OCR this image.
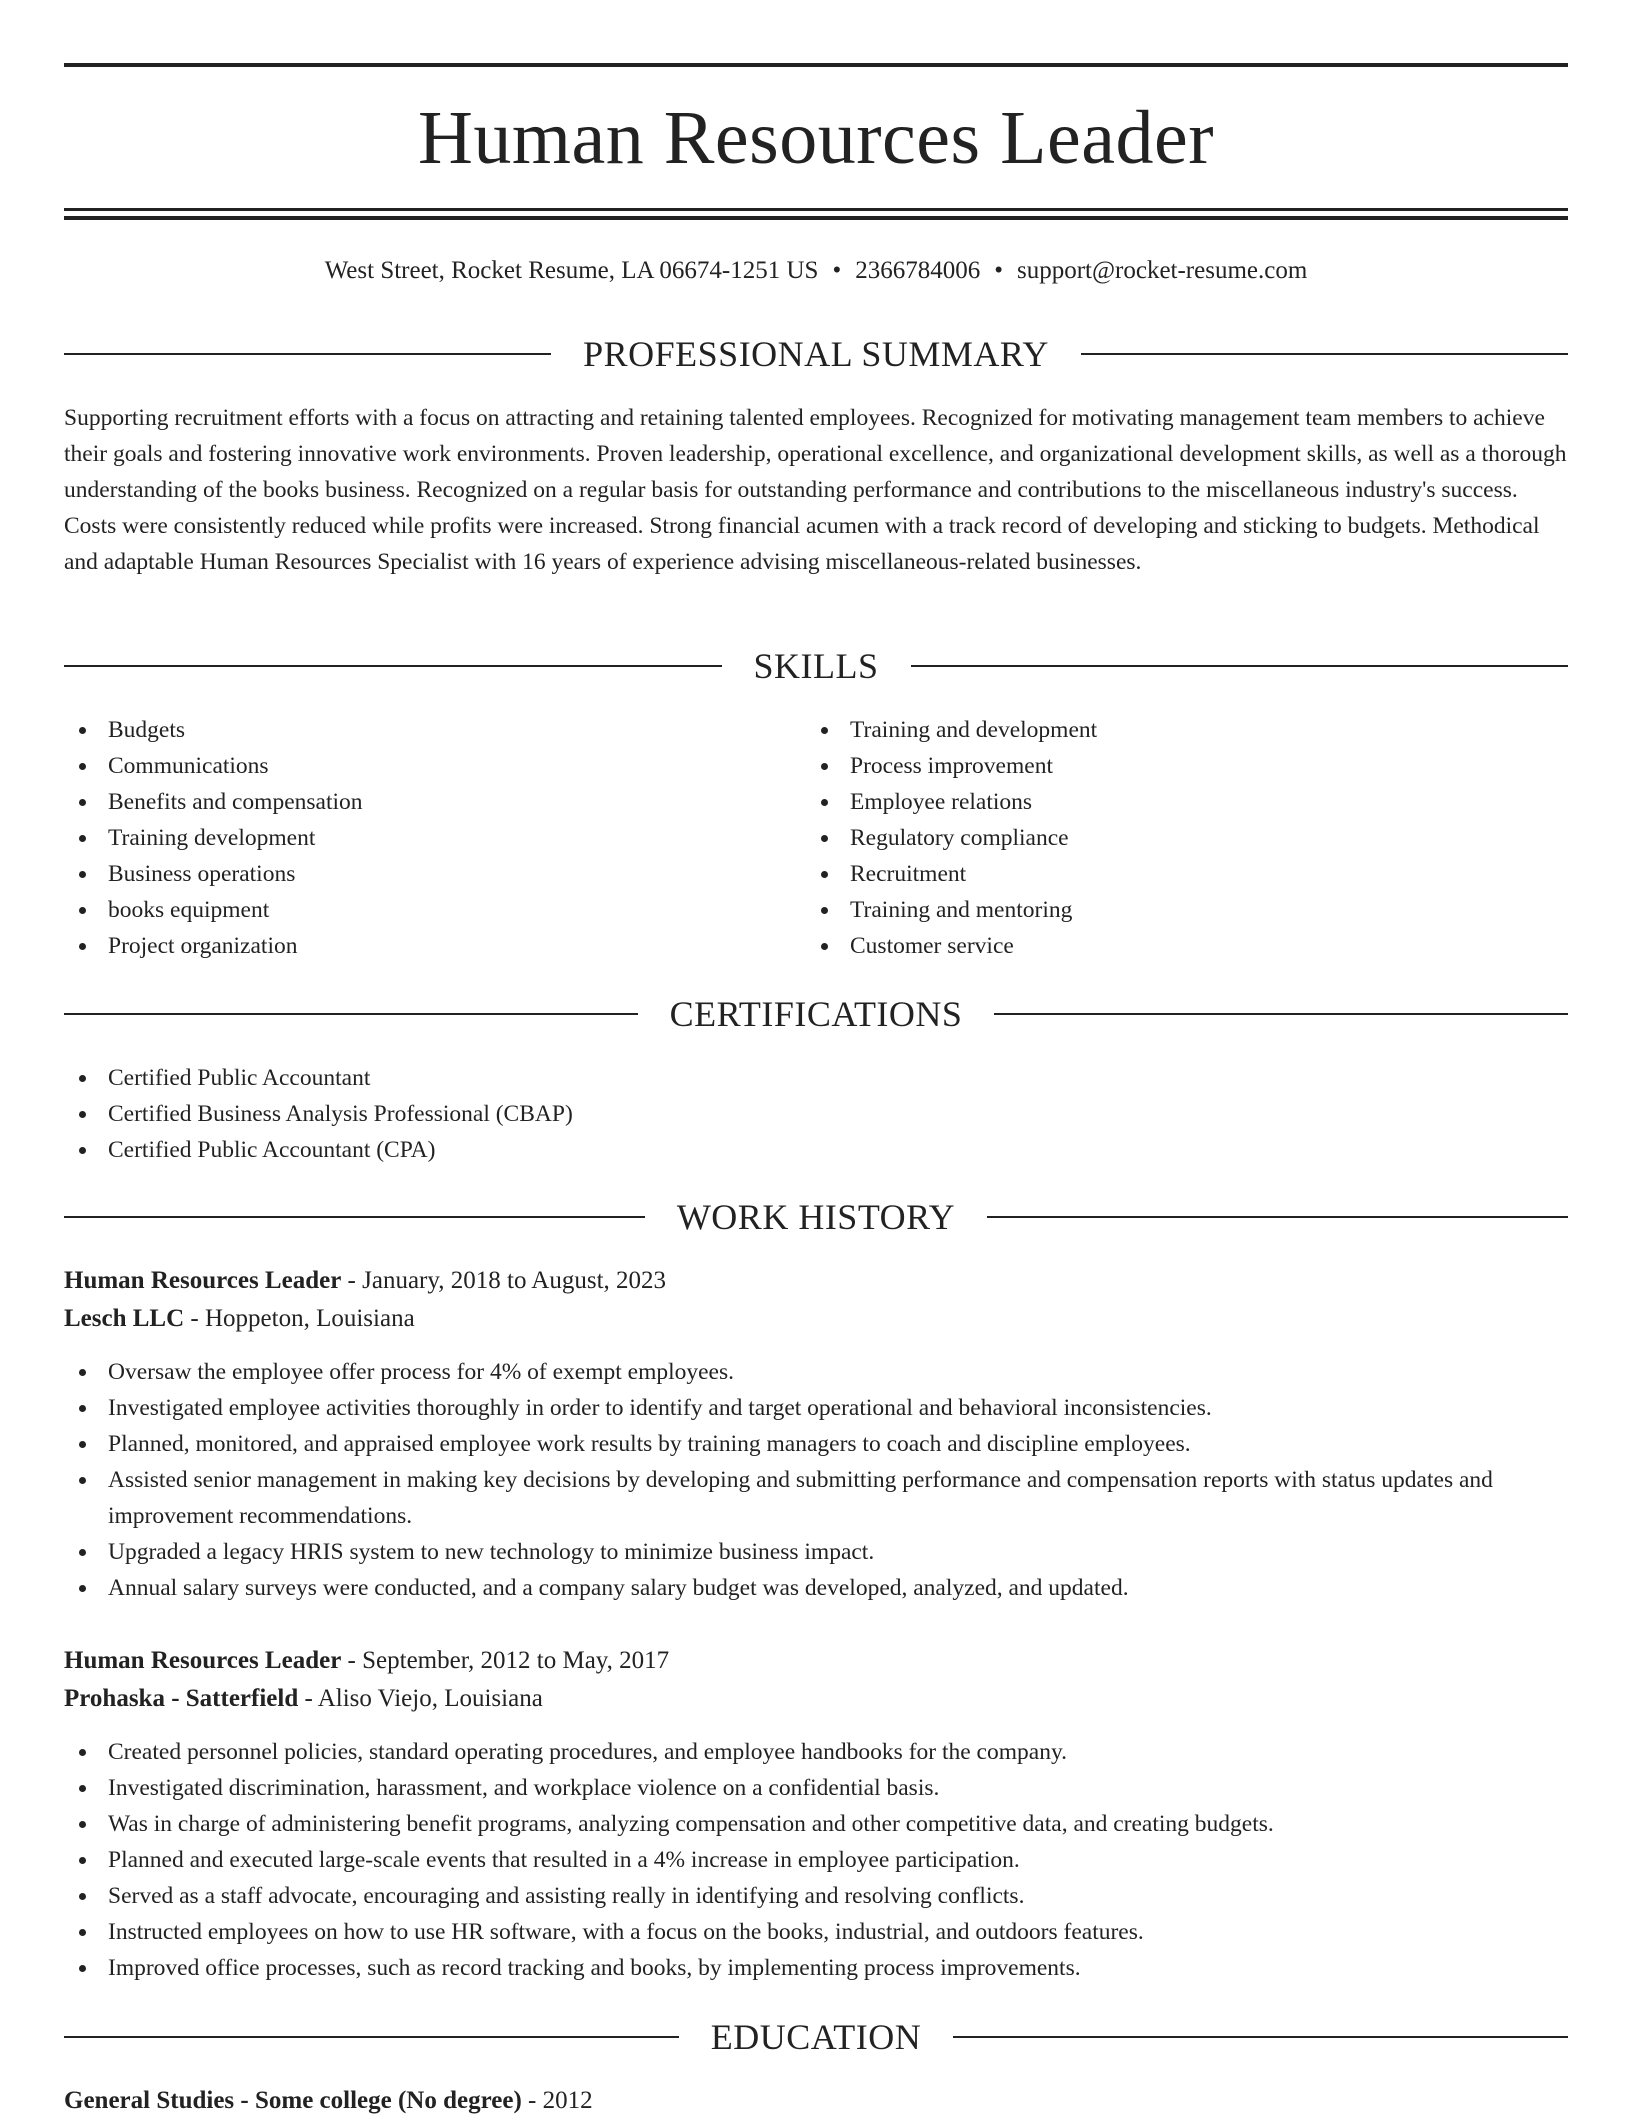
Human Resources Leader
West Street, Rocket Resume, LA 06674-1251 US • 2366784006 • support@rocket-resume.com
PROFESSIONAL SUMMARY

Supporting recruitment efforts with a focus on attracting and retaining talented employees. Recognized for motivating management team members to achieve their goals and fostering innovative work environments. Proven leadership, operational excellence, and organizational development skills, as well as a thorough understanding of the books business. Recognized on a regular basis for outstanding performance and contributions to the miscellaneous industry's success. Costs were consistently reduced while profits were increased. Strong financial acumen with a track record of developing and sticking to budgets. Methodical and adaptable Human Resources Specialist with 16 years of experience advising miscellaneous-related businesses.

SKILLS
Budgets
Communications
Benefits and compensation
Training development
Business operations
books equipment
Project organization
Training and development
Process improvement
Employee relations
Regulatory compliance
Recruitment
Training and mentoring
Customer service
CERTIFICATIONS
Certified Public Accountant
Certified Business Analysis Professional (CBAP)
Certified Public Accountant (CPA)
WORK HISTORY
Human Resources Leader - January, 2018 to August, 2023
Lesch LLC - Hoppeton, Louisiana
Oversaw the employee offer process for 4% of exempt employees.
Investigated employee activities thoroughly in order to identify and target operational and behavioral inconsistencies.
Planned, monitored, and appraised employee work results by training managers to coach and discipline employees.
Assisted senior management in making key decisions by developing and submitting performance and compensation reports with status updates and improvement recommendations.
Upgraded a legacy HRIS system to new technology to minimize business impact.
Annual salary surveys were conducted, and a company salary budget was developed, analyzed, and updated.
Human Resources Leader - September, 2012 to May, 2017
Prohaska - Satterfield - Aliso Viejo, Louisiana
Created personnel policies, standard operating procedures, and employee handbooks for the company.
Investigated discrimination, harassment, and workplace violence on a confidential basis.
Was in charge of administering benefit programs, analyzing compensation and other competitive data, and creating budgets.
Planned and executed large-scale events that resulted in a 4% increase in employee participation.
Served as a staff advocate, encouraging and assisting really in identifying and resolving conflicts.
Instructed employees on how to use HR software, with a focus on the books, industrial, and outdoors features.
Improved office processes, such as record tracking and books, by implementing process improvements.
EDUCATION
General Studies - Some college (No degree) - 2012
